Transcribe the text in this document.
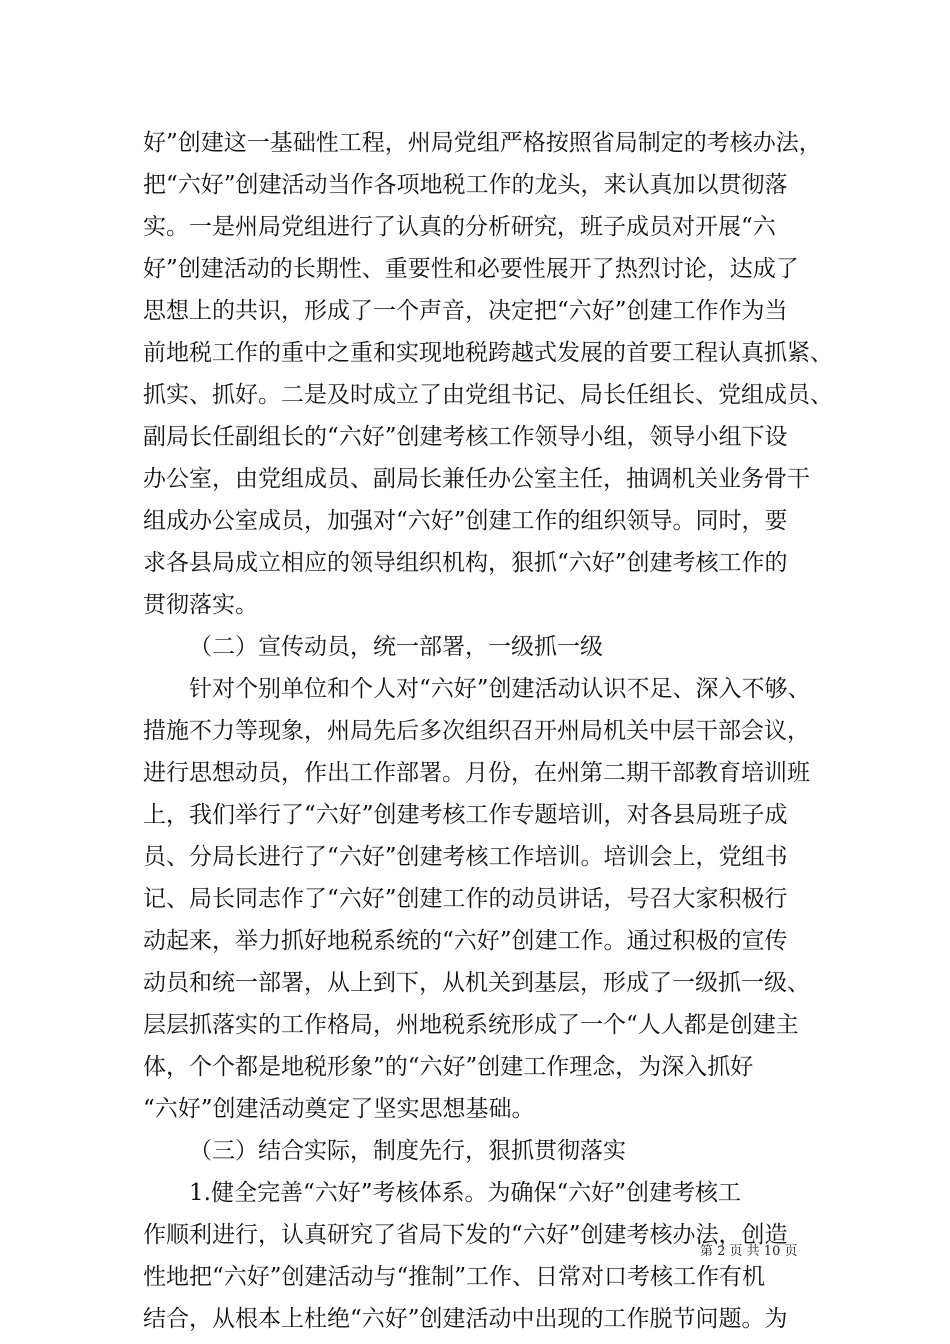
好”创建这一基础性工程，州局党组严格按照省局制定的考核办法，
把“六好”创建活动当作各项地税工作的龙头，来认真加以贯彻落
实。一是州局党组进行了认真的分析研究，班子成员对开展“六
好”创建活动的长期性、重要性和必要性展开了热烈讨论，达成了
思想上的共识，形成了一个声音，决定把“六好”创建工作作为当
前地税工作的重中之重和实现地税跨越式发展的首要工程认真抓紧、
抓实、抓好。二是及时成立了由党组书记、局长任组长、党组成员、
副局长任副组长的“六好”创建考核工作领导小组，领导小组下设
办公室，由党组成员、副局长兼任办公室主任，抽调机关业务骨干
组成办公室成员，加强对“六好”创建工作的组织领导。同时，要
求各县局成立相应的领导组织机构，狠抓“六好”创建考核工作的
贯彻落实。
（二）宣传动员，统一部署，一级抓一级
针对个别单位和个人对“六好”创建活动认识不足、深入不够、
措施不力等现象，州局先后多次组织召开州局机关中层干部会议，
进行思想动员，作出工作部署。月份，在州第二期干部教育培训班
上，我们举行了“六好”创建考核工作专题培训，对各县局班子成
员、分局长进行了“六好”创建考核工作培训。培训会上，党组书
记、局长同志作了“六好”创建工作的动员讲话，号召大家积极行
动起来，举力抓好地税系统的“六好”创建工作。通过积极的宣传
动员和统一部署，从上到下，从机关到基层，形成了一级抓一级、
层层抓落实的工作格局，州地税系统形成了一个“人人都是创建主
体，个个都是地税形象”的“六好”创建工作理念，为深入抓好
“六好”创建活动奠定了坚实思想基础。
（三）结合实际，制度先行，狠抓贯彻落实
1.健全完善“六好”考核体系。为确保“六好”创建考核工
作顺利进行，认真研究了省局下发的“六好”创建考核办法，创造
性地把“六好”创建活动与“推制”工作、日常对口考核工作有机
结合，从根本上杜绝“六好”创建活动中出现的工作脱节问题。为
第 2 页 共 10 页
